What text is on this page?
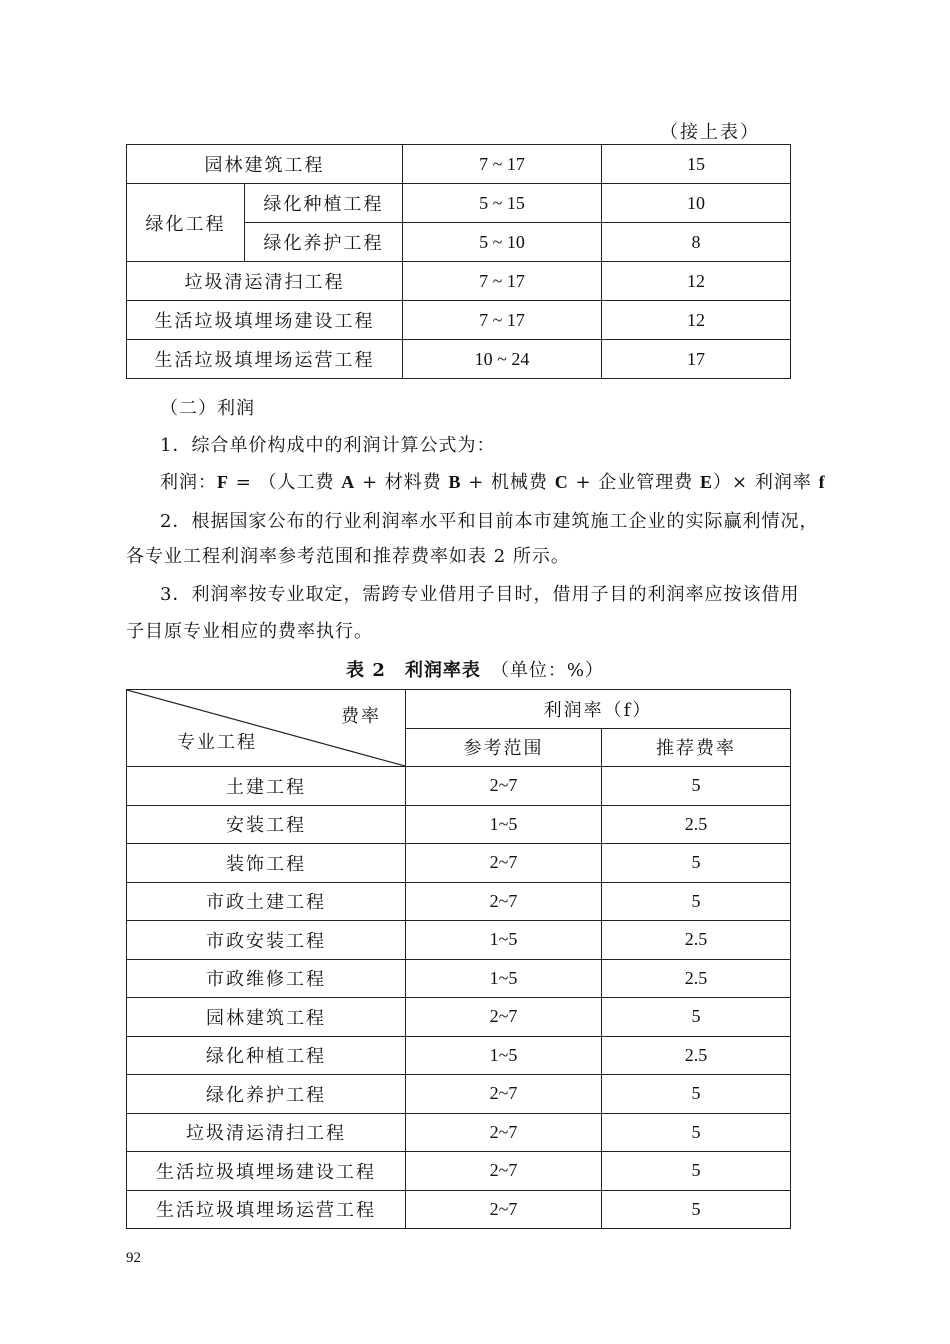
（接上表）
园林建筑工程		7 ~ 17	15
绿化工程	绿化种植工程	5 ~ 15	10
	绿化养护工程	5 ~ 10	8
垃圾清运清扫工程		7 ~ 17	12
生活垃圾填埋场建设工程		7 ~ 17	12
生活垃圾填埋场运营工程		10 ~ 24	17
（二）利润
1．综合单价构成中的利润计算公式为：
利润：F = （人工费 A + 材料费 B + 机械费 C + 企业管理费 E）× 利润率 f
2．根据国家公布的行业利润率水平和目前本市建筑施工企业的实际赢利情况，
各专业工程利润率参考范围和推荐费率如表 2 所示。
3．利润率按专业取定，需跨专业借用子目时，借用子目的利润率应按该借用
子目原专业相应的费率执行。
表 2　利润率表　 （单位：%）
费率
专业工程	利润率（f）	
	参考范围	推荐费率
土建工程	2~7	5
安装工程	1~5	2.5
装饰工程	2~7	5
市政土建工程	2~7	5
市政安装工程	1~5	2.5
市政维修工程	1~5	2.5
园林建筑工程	2~7	5
绿化种植工程	1~5	2.5
绿化养护工程	2~7	5
垃圾清运清扫工程	2~7	5
生活垃圾填埋场建设工程	2~7	5
生活垃圾填埋场运营工程	2~7	5
92
